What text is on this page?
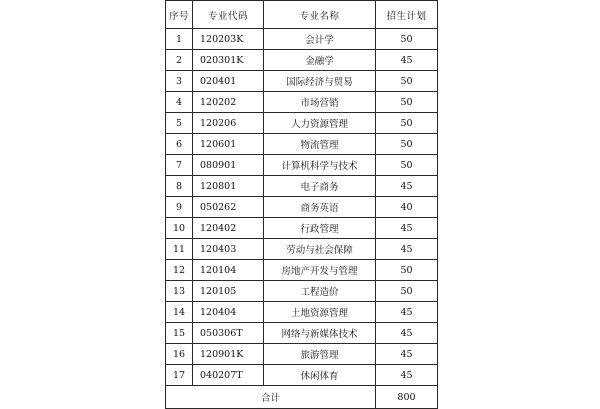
序号	专业代码	专业名称	招生计划
1	120203K	会计学	50
2	020301K	金融学	45
3	020401	国际经济与贸易	50
4	120202	市场营销	50
5	120206	人力资源管理	50
6	120601	物流管理	50
7	080901	计算机科学与技术	50
8	120801	电子商务	45
9	050262	商务英语	40
10	120402	行政管理	45
11	120403	劳动与社会保障	45
12	120104	房地产开发与管理	50
13	120105	工程造价	50
14	120404	土地资源管理	45
15	050306T	网络与新媒体技术	45
16	120901K	旅游管理	45
17	040207T	休闲体育	45
合计			800
